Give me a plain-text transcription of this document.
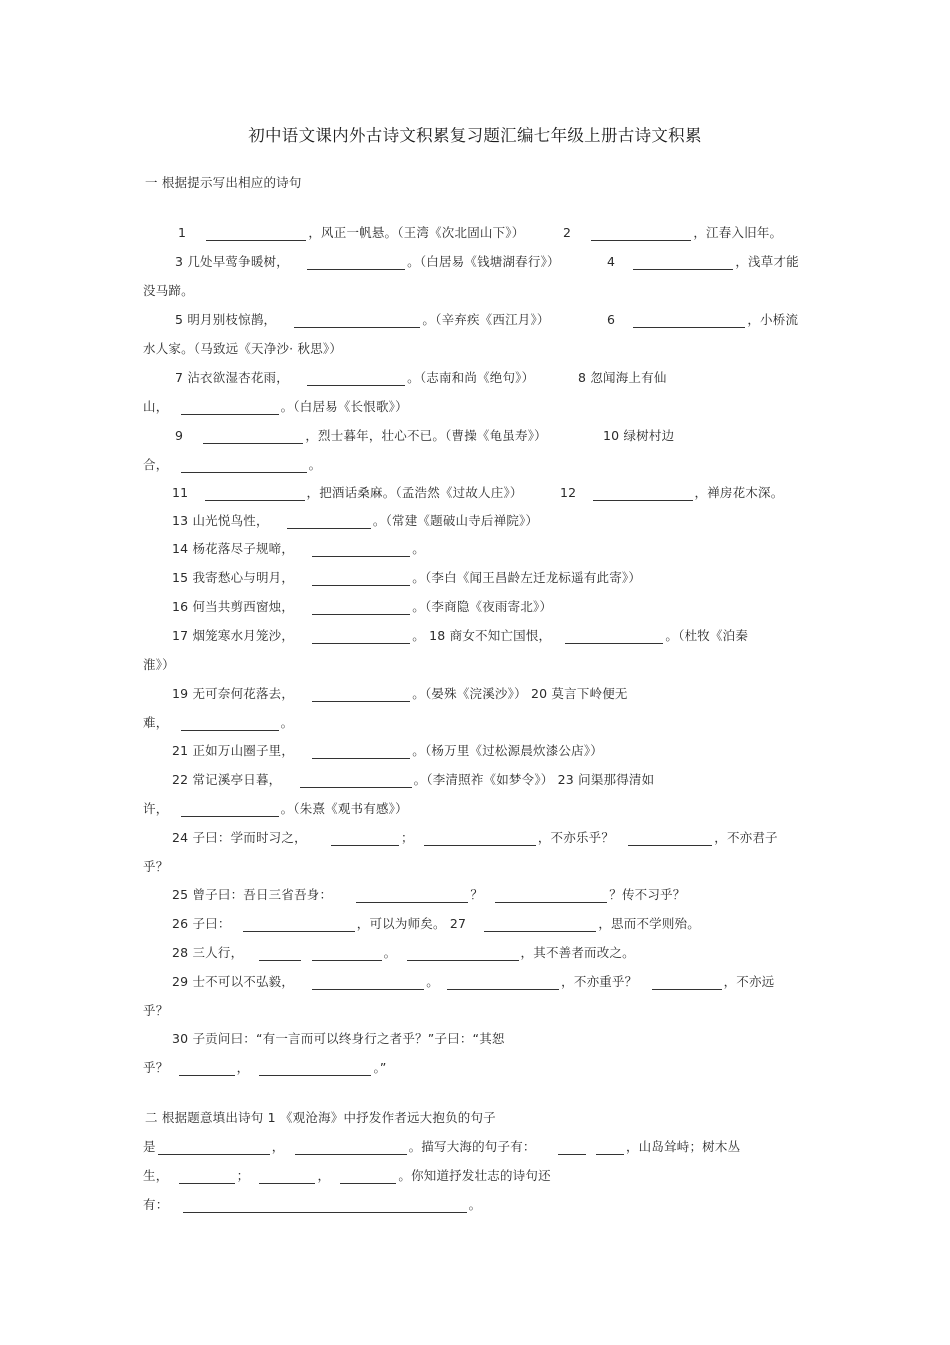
初中语文课内外古诗文积累复习题汇编七年级上册古诗文积累
一 根据提示写出相应的诗句
1	，风正一帆悬。（王湾《次北固山下》）	2	，江春入旧年。
3 几处早莺争暖树，	。（白居易《钱塘湖春行》）	4	，浅草才能
没马蹄。
5 明月别枝惊鹊，	。（辛弃疾《西江月》）	6	，小桥流
水人家。（马致远《天净沙· 秋思》）
7 沾衣欲湿杏花雨，	。（志南和尚《绝句》）	8 忽闻海上有仙
山，	。（白居易《长恨歌》）
9	，烈士暮年，壮心不已。（曹操《龟虽寿》）	10 绿树村边
合，	。
11	，把酒话桑麻。（孟浩然《过故人庄》）	12	，禅房花木深。
13 山光悦鸟性，	。（常建《题破山寺后禅院》）
14 杨花落尽子规啼，	。
15 我寄愁心与明月，	。（李白《闻王昌龄左迁龙标遥有此寄》）
16 何当共剪西窗烛，	。（李商隐《夜雨寄北》）
17 烟笼寒水月笼沙，	。 18 商女不知亡国恨，	。（杜牧《泊秦
淮》）
19 无可奈何花落去，	。（晏殊《浣溪沙》） 20 莫言下岭便无
难，	。
21 正如万山圈子里，	。（杨万里《过松源晨炊漆公店》）
22 常记溪亭日暮，	。（李清照祚《如梦令》） 23 问渠那得清如
许，	。（朱熹《观书有感》）
24 子曰：学而时习之，	；	，不亦乐乎？	，不亦君子
乎？
25 曾子曰：吾日三省吾身：	？	？传不习乎？
26 子曰：	，可以为师矣。 27	，思而不学则殆。
28 三人行，	。	，其不善者而改之。
29 士不可以不弘毅，	。	，不亦重乎？	，不亦远
乎？
30 子贡问曰：“有一言而可以终身行之者乎？”子曰：“其恕
乎？	，	。”
二 根据题意填出诗句 1 《观沧海》中抒发作者远大抱负的句子
是	，	。描写大海的句子有：	，山岛耸峙；树木丛
生，	；	，	。你知道抒发壮志的诗句还
有：	。
